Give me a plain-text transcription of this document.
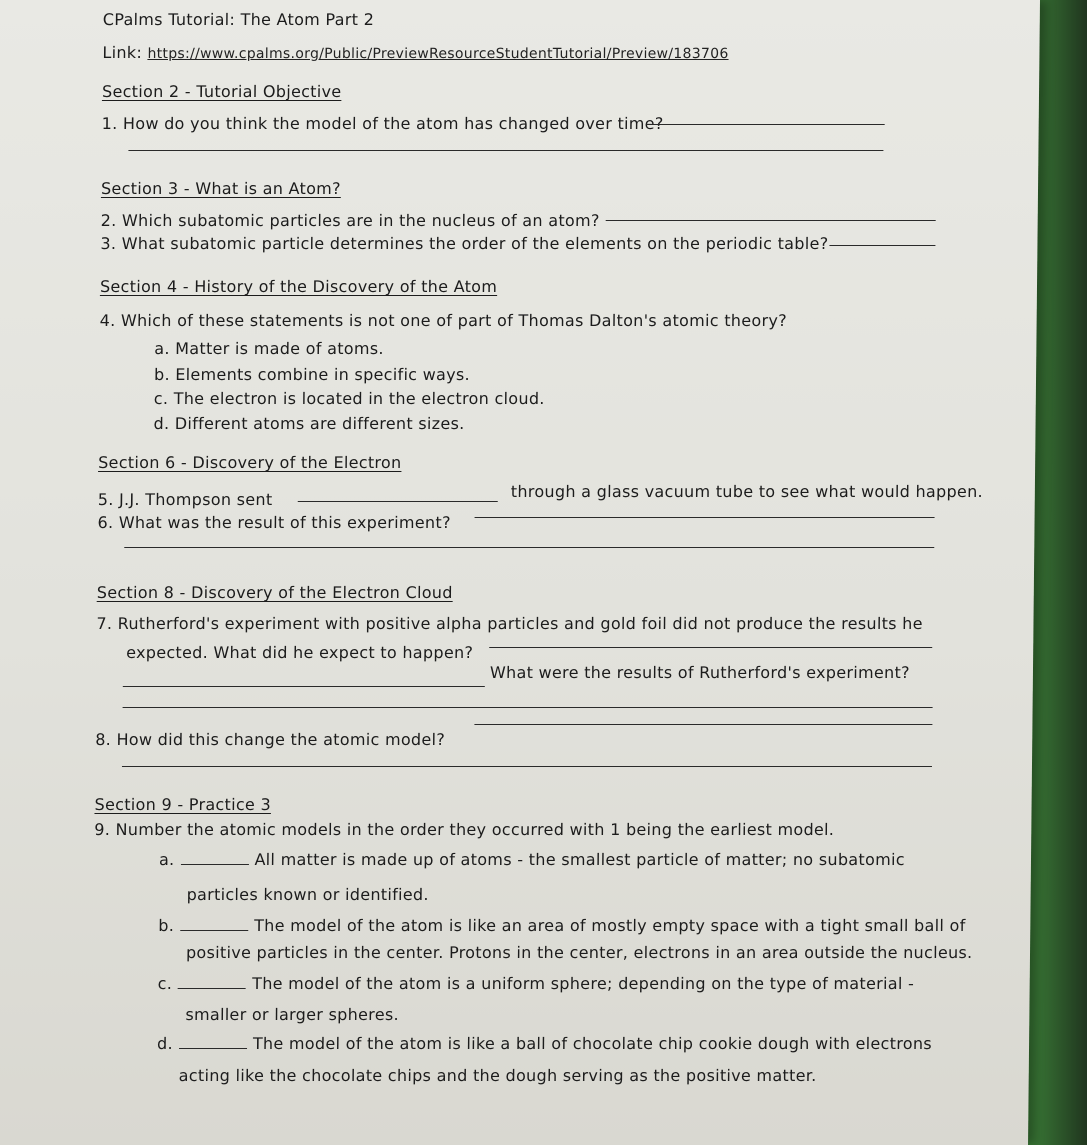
CPalms Tutorial: The Atom Part 2
Link: https://www.cpalms.org/Public/PreviewResourceStudentTutorial/Preview/183706
Section 2 - Tutorial Objective
1. How do you think the model of the atom has changed over time?
Section 3 - What is an Atom?
2. Which subatomic particles are in the nucleus of an atom?
3. What subatomic particle determines the order of the elements on the periodic table?
Section 4 - History of the Discovery of the Atom
4. Which of these statements is not one of part of Thomas Dalton's atomic theory?
a. Matter is made of atoms.
b. Elements combine in specific ways.
c. The electron is located in the electron cloud.
d. Different atoms are different sizes.
Section 6 - Discovery of the Electron
5. J.J. Thompson sent	through a glass vacuum tube to see what would happen.
6. What was the result of this experiment?
Section 8 - Discovery of the Electron Cloud
7. Rutherford's experiment with positive alpha particles and gold foil did not produce the results he
expected. What did he expect to happen?
What were the results of Rutherford's experiment?
8. How did this change the atomic model?
Section 9 - Practice 3
9. Number the atomic models in the order they occurred with 1 being the earliest model.
a.	All matter is made up of atoms - the smallest particle of matter; no subatomic
particles known or identified.
b.	The model of the atom is like an area of mostly empty space with a tight small ball of
positive particles in the center. Protons in the center, electrons in an area outside the nucleus.
c.	The model of the atom is a uniform sphere; depending on the type of material -
smaller or larger spheres.
d.	The model of the atom is like a ball of chocolate chip cookie dough with electrons
acting like the chocolate chips and the dough serving as the positive matter.
